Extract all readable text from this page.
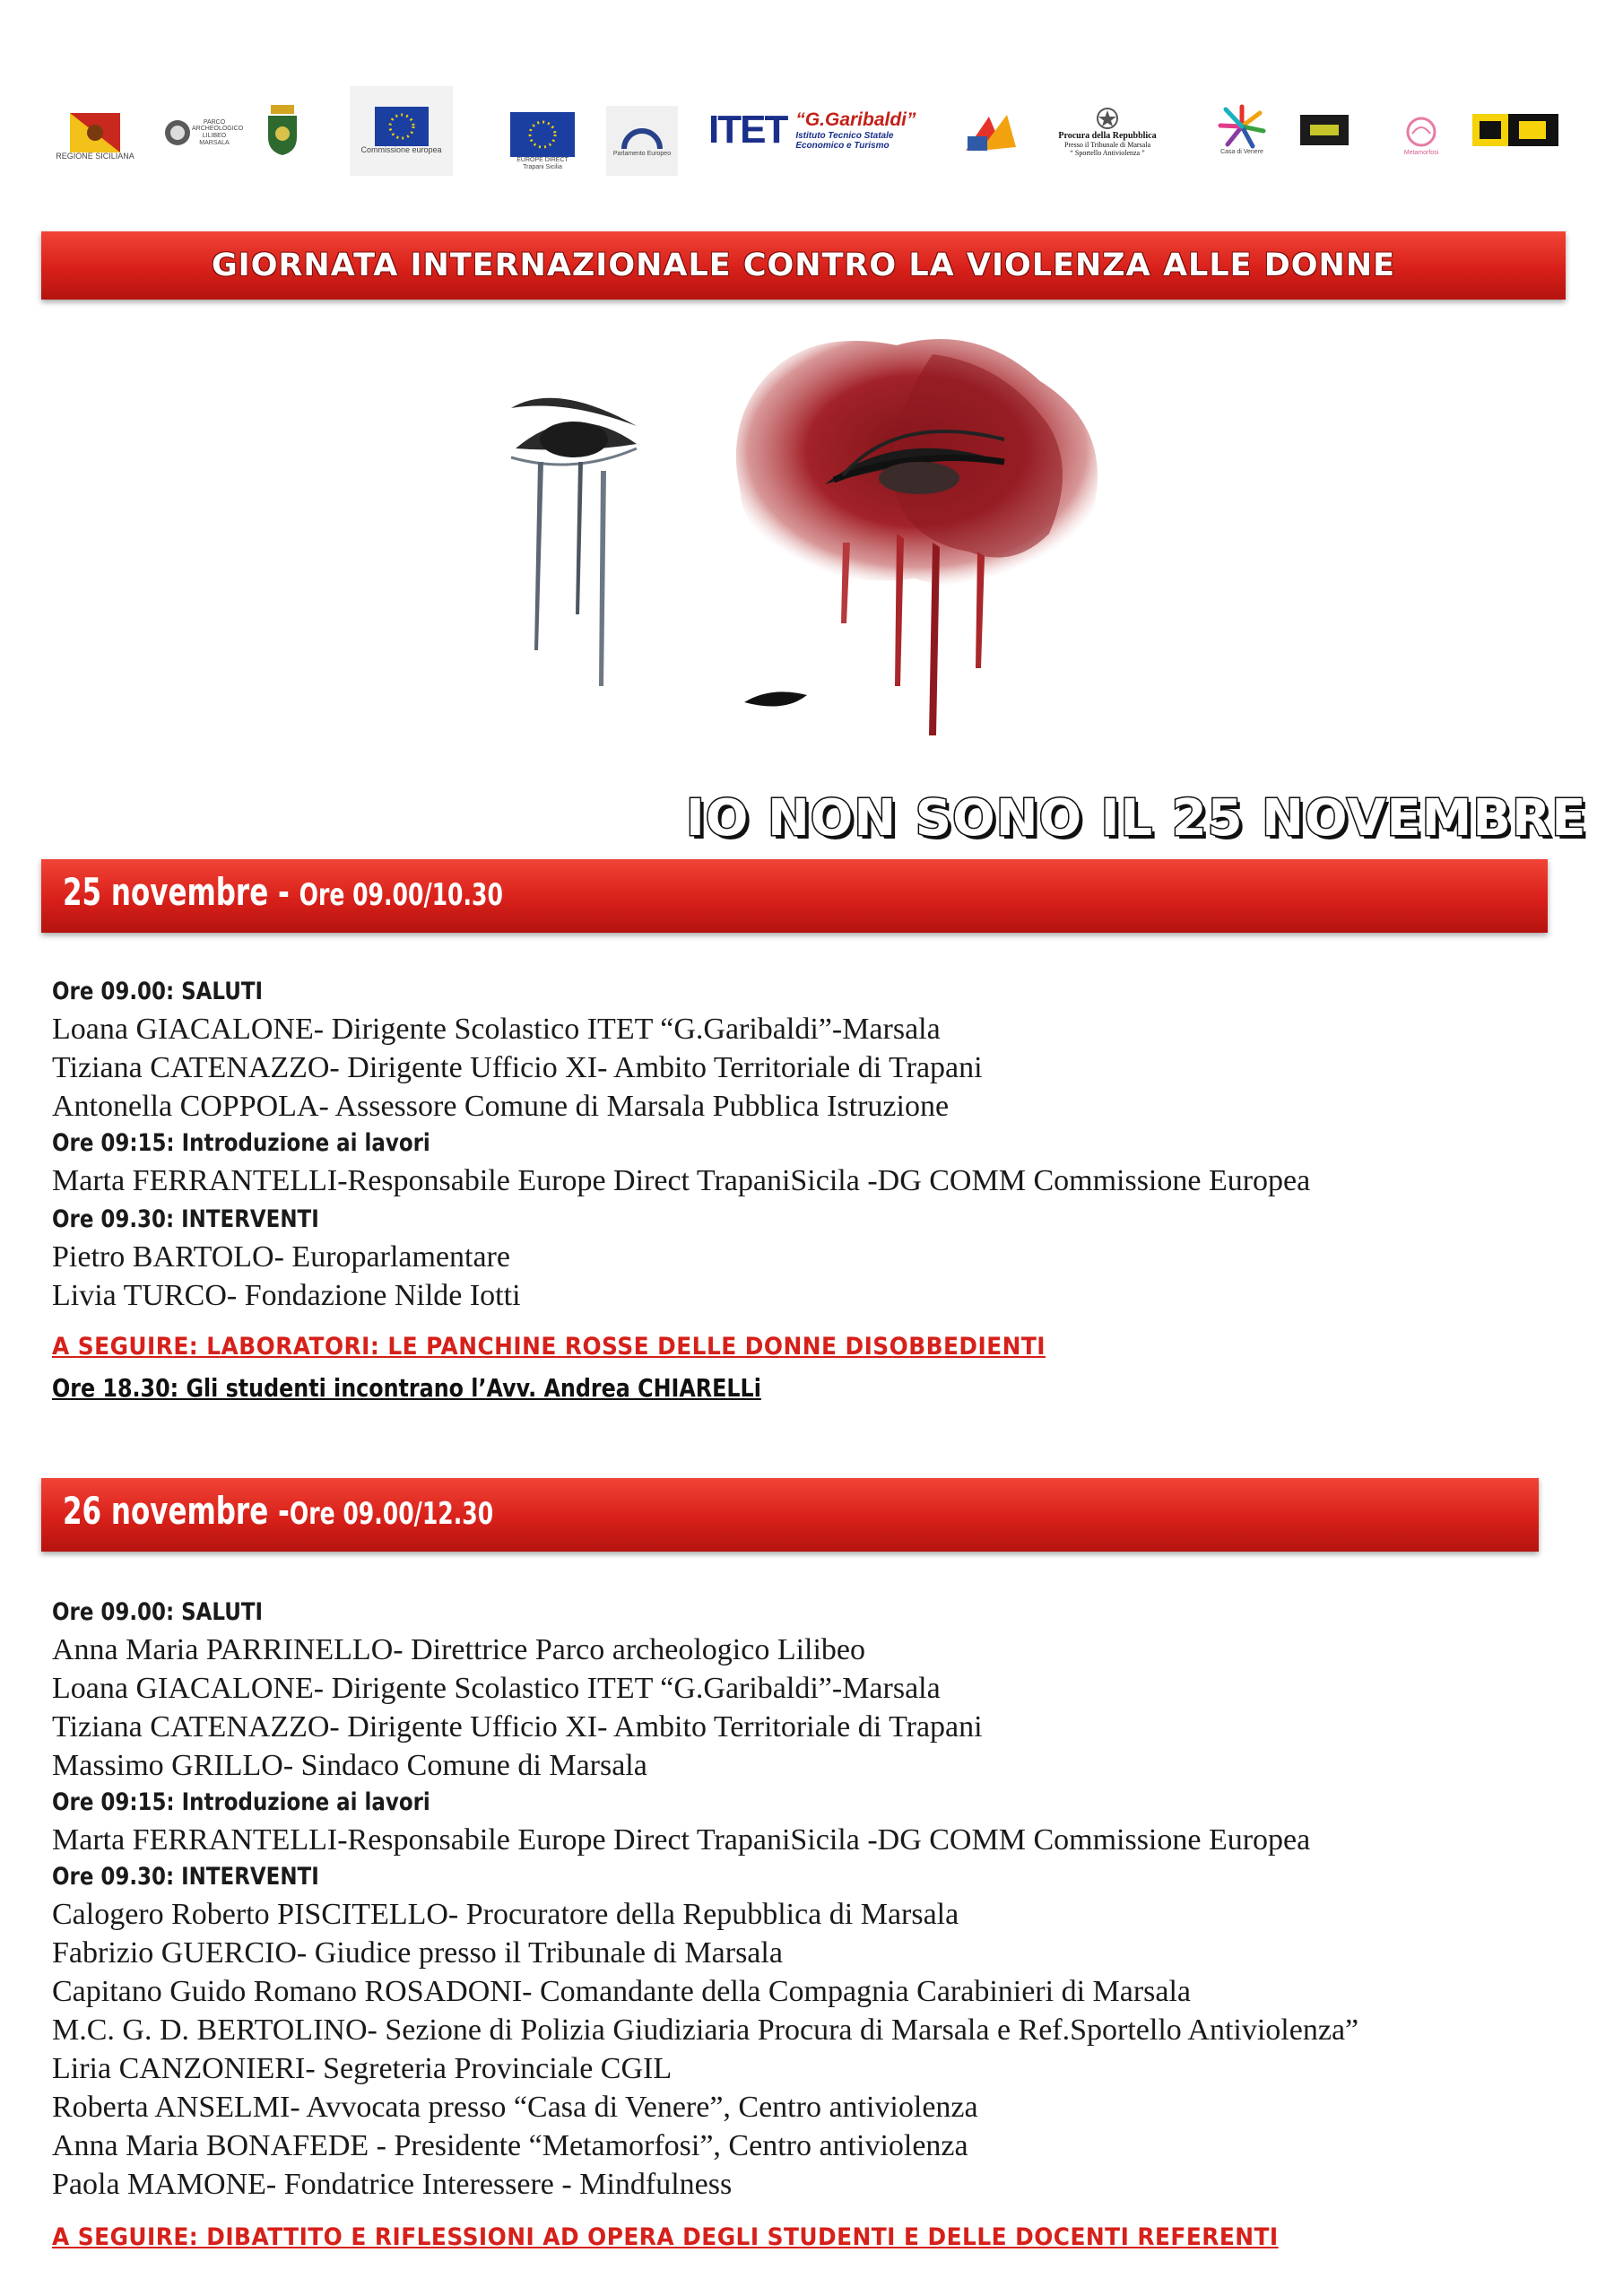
REGIONE SICILIANA
PARCO ARCHEOLOGICO LILIBEO MARSALA
Commissione europea
EUROPE DIRECT Trapani Sicilia
Parlamento Europeo
ITET “G.Garibaldi”
Istituto Tecnico Statale
Economico e Turismo
Procura della Repubblica
Presso il Tribunale di Marsala
“ Sportello Antiviolenza ”	Casa di Venere	Metamorfosi
GIORNATA INTERNAZIONALE CONTRO LA VIOLENZA ALLE DONNE
IO NON SONO IL 25 NOVEMBRE
25 novembre - Ore 09.00/10.30
Ore 09.00: SALUTI
Loana GIACALONE- Dirigente Scolastico ITET “G.Garibaldi”-Marsala
Tiziana CATENAZZO- Dirigente Ufficio XI- Ambito Territoriale di Trapani
Antonella COPPOLA- Assessore Comune di Marsala Pubblica Istruzione
Ore 09:15: Introduzione ai lavori
Marta FERRANTELLI-Responsabile Europe Direct TrapaniSicila -DG COMM Commissione Europea
Ore 09.30: INTERVENTI
Pietro BARTOLO- Europarlamentare
Livia TURCO- Fondazione Nilde Iotti
A SEGUIRE: LABORATORI: LE PANCHINE ROSSE DELLE DONNE DISOBBEDIENTI
Ore 18.30: Gli studenti incontrano l’Avv. Andrea CHIARELLi
26 novembre -Ore 09.00/12.30
Ore 09.00: SALUTI
Anna Maria PARRINELLO- Direttrice Parco archeologico Lilibeo
Loana GIACALONE- Dirigente Scolastico ITET “G.Garibaldi”-Marsala
Tiziana CATENAZZO- Dirigente Ufficio XI- Ambito Territoriale di Trapani
Massimo GRILLO- Sindaco Comune di Marsala
Ore 09:15: Introduzione ai lavori
Marta FERRANTELLI-Responsabile Europe Direct TrapaniSicila -DG COMM Commissione Europea
Ore 09.30: INTERVENTI
Calogero Roberto PISCITELLO- Procuratore della Repubblica di Marsala
Fabrizio GUERCIO- Giudice presso il Tribunale di Marsala
Capitano Guido Romano ROSADONI- Comandante della Compagnia Carabinieri di Marsala
M.C. G. D. BERTOLINO- Sezione di Polizia Giudiziaria Procura di Marsala e Ref.Sportello Antiviolenza”
Liria CANZONIERI- Segreteria Provinciale CGIL
Roberta ANSELMI- Avvocata presso “Casa di Venere”, Centro antiviolenza
Anna Maria BONAFEDE - Presidente “Metamorfosi”, Centro antiviolenza
Paola MAMONE- Fondatrice Interessere - Mindfulness
A SEGUIRE: DIBATTITO E RIFLESSIONI AD OPERA DEGLI STUDENTI E DELLE DOCENTI REFERENTI
